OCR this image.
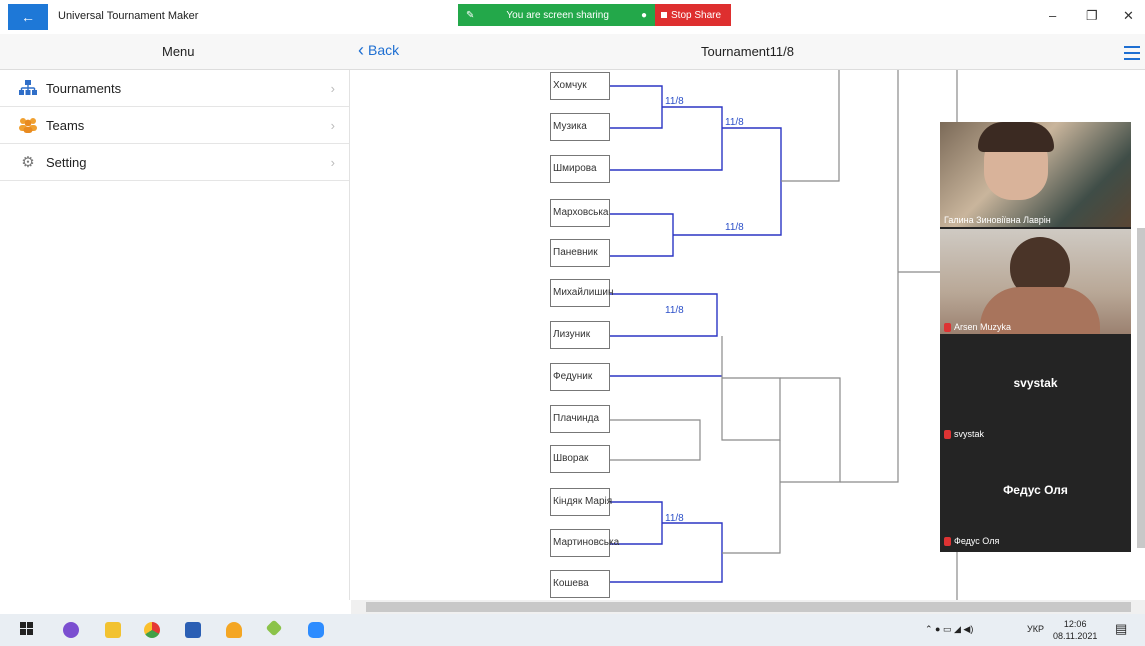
← Universal Tournament Maker	✎	You are screen sharing	● Stop Share	– ❐ ✕
Menu	‹ Back	Tournament11/8
Tournaments	›
Teams	›
⚙ Setting	›
Хомчук
Музика
Шмирова
Марховська
Паневник
Михайлишин
Лизуник
Федуник
Плачинда
Шворак
Кіндяк Марія
Мартиновська
Кошева
11/8
11/8
11/8
11/8
11/8
Галина Зиновіївна Лаврін
Arsen Muzyka
svystak
svystak
Федус Оля
Федус Оля
⌃ ● ▭ ◢ ◀)	УКР	12:06
08.11.2021 ▤
